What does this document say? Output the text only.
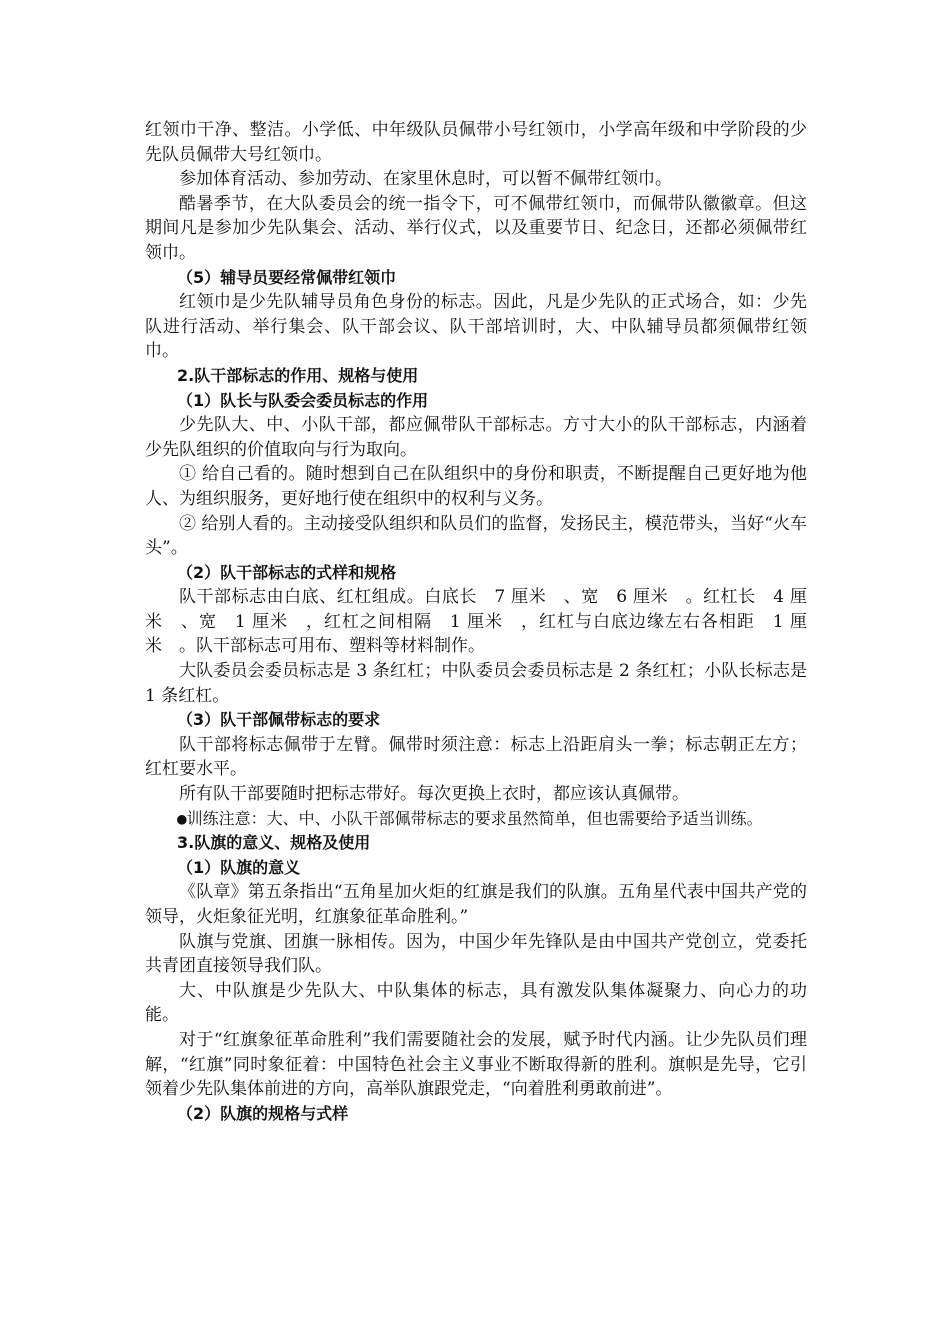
红领巾干净、整洁。小学低、中年级队员佩带小号红领巾，小学高年级和中学阶段的少先队员佩带大号红领巾。

参加体育活动、参加劳动、在家里休息时，可以暂不佩带红领巾。

酷暑季节，在大队委员会的统一指令下，可不佩带红领巾，而佩带队徽徽章。但这期间凡是参加少先队集会、活动、举行仪式，以及重要节日、纪念日，还都必须佩带红领巾。

（5）辅导员要经常佩带红领巾

红领巾是少先队辅导员角色身份的标志。因此，凡是少先队的正式场合，如：少先队进行活动、举行集会、队干部会议、队干部培训时，大、中队辅导员都须佩带红领巾。

2.队干部标志的作用、规格与使用

（1）队长与队委会委员标志的作用

少先队大、中、小队干部，都应佩带队干部标志。方寸大小的队干部标志，内涵着少先队组织的价值取向与行为取向。

① 给自己看的。随时想到自己在队组织中的身份和职责，不断提醒自己更好地为他人、为组织服务，更好地行使在组织中的权利与义务。

② 给别人看的。主动接受队组织和队员们的监督，发扬民主，模范带头，当好“火车头”。

（2）队干部标志的式样和规格

队干部标志由白底、红杠组成。白底长　7 厘米　、宽　6 厘米　。红杠长　4 厘米　、宽　1 厘米　，红杠之间相隔　1 厘米　，红杠与白底边缘左右各相距　1 厘米　。队干部标志可用布、塑料等材料制作。

大队委员会委员标志是 3 条红杠；中队委员会委员标志是 2 条红杠；小队长标志是 1 条红杠。

（3）队干部佩带标志的要求

队干部将标志佩带于左臂。佩带时须注意：标志上沿距肩头一拳；标志朝正左方；红杠要水平。

所有队干部要随时把标志带好。每次更换上衣时，都应该认真佩带。

●训练注意：大、中、小队干部佩带标志的要求虽然简单，但也需要给予适当训练。

3.队旗的意义、规格及使用

（1）队旗的意义

《队章》第五条指出“五角星加火炬的红旗是我们的队旗。五角星代表中国共产党的领导，火炬象征光明，红旗象征革命胜利。”

队旗与党旗、团旗一脉相传。因为，中国少年先锋队是由中国共产党创立，党委托共青团直接领导我们队。

大、中队旗是少先队大、中队集体的标志，具有激发队集体凝聚力、向心力的功能。

对于“红旗象征革命胜利”我们需要随社会的发展，赋予时代内涵。让少先队员们理解，“红旗”同时象征着：中国特色社会主义事业不断取得新的胜利。旗帜是先导，它引领着少先队集体前进的方向，高举队旗跟党走，“向着胜利勇敢前进”。

（2）队旗的规格与式样
